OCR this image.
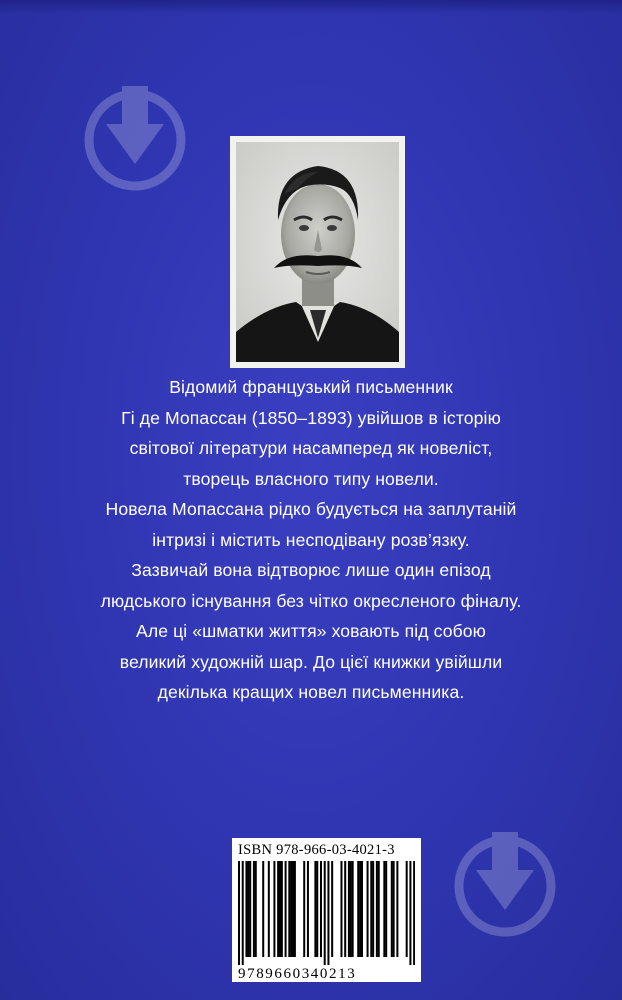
Відомий французький письменник

Гі де Мопассан (1850–1893) увійшов в історію

світової літератури насамперед як новеліст,

творець власного типу новели.

Новела Мопассана рідко будується на заплутаній

інтризі і містить несподівану розв’язку.

Зазвичай вона відтворює лише один епізод

людського існування без чітко окресленого фіналу.

Але ці «шматки життя» ховають під собою

великий художній шар. До цієї книжки увійшли

декілька кращих новел письменника.

ISBN 978-966-03-4021-3
9789660340213
